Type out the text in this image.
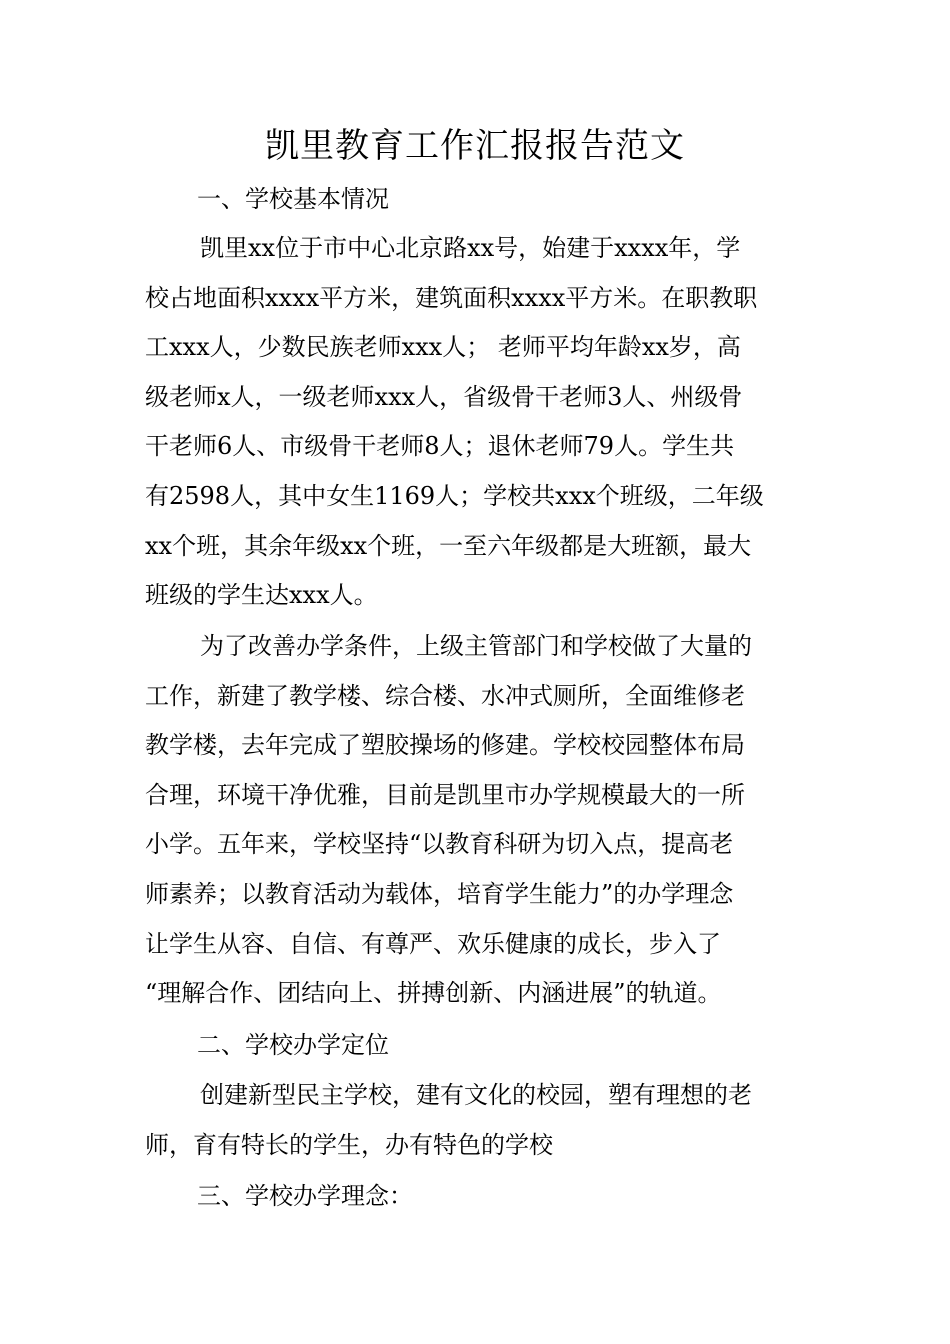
凯里教育工作汇报报告范文
一、学校基本情况
凯里xx位于市中心北京路xx号，始建于xxxx年，学
校占地面积xxxx平方米，建筑面积xxxx平方米。在职教职
工xxx人，少数民族老师xxx人； 老师平均年龄xx岁，高
级老师x人，一级老师xxx人，省级骨干老师3人、州级骨
干老师6人、市级骨干老师8人；退休老师79人。学生共
有2598人，其中女生1169人；学校共xxx个班级，二年级
xx个班，其余年级xx个班，一至六年级都是大班额，最大
班级的学生达xxx人。
为了改善办学条件，上级主管部门和学校做了大量的
工作，新建了教学楼、综合楼、水冲式厕所，全面维修老
教学楼，去年完成了塑胶操场的修建。学校校园整体布局
合理，环境干净优雅，目前是凯里市办学规模最大的一所
小学。五年来，学校坚持“以教育科研为切入点，提高老
师素养；以教育活动为载体，培育学生能力”的办学理念
让学生从容、自信、有尊严、欢乐健康的成长，步入了
“理解合作、团结向上、拼搏创新、内涵进展”的轨道。
二、学校办学定位
创建新型民主学校，建有文化的校园，塑有理想的老
师，育有特长的学生，办有特色的学校
三、学校办学理念：
